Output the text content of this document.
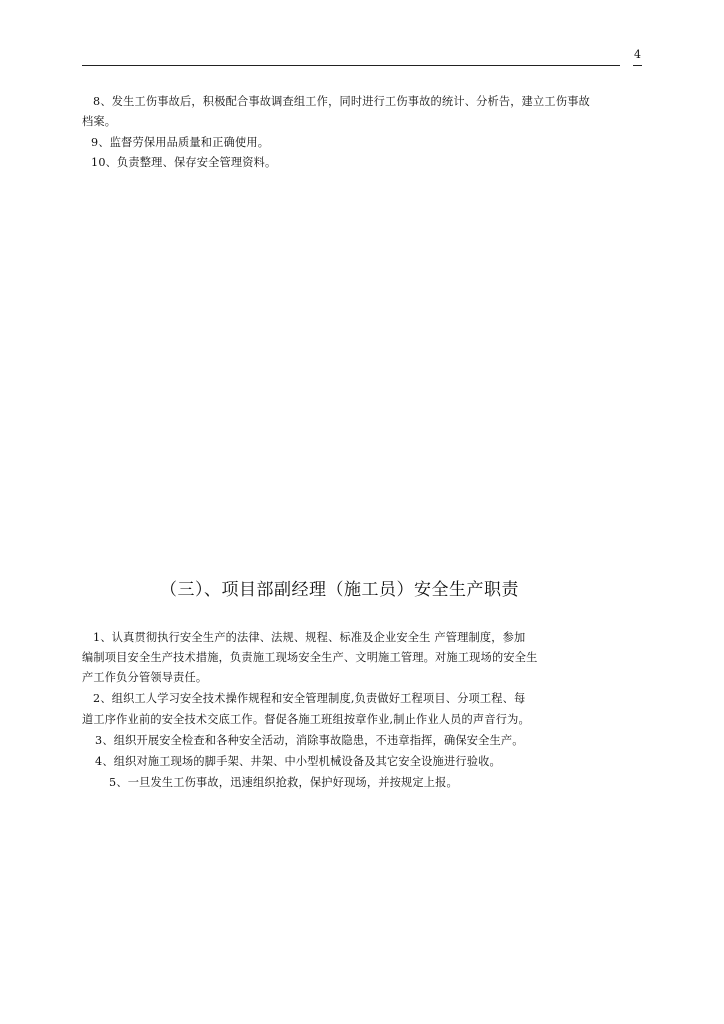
4
8、发生工伤事故后，积极配合事故调查组工作，同时进行工伤事故的统计、分析告，建立工伤事故
档案。
9、监督劳保用品质量和正确使用。
10、负责整理、保存安全管理资料。
（三）、项目部副经理（施工员）安全生产职责
1、认真贯彻执行安全生产的法律、法规、规程、标准及企业安全生 产管理制度，参加
编制项目安全生产技术措施，负责施工现场安全生产、文明施工管理。对施工现场的安全生
产工作负分管领导责任。
2、组织工人学习安全技术操作规程和安全管理制度,负责做好工程项目、分项工程、每
道工序作业前的安全技术交底工作。督促各施工班组按章作业,制止作业人员的声音行为。
3、组织开展安全检查和各种安全活动，消除事故隐患，不违章指挥，确保安全生产。
4、组织对施工现场的脚手架、井架、中小型机械设备及其它安全设施进行验收。
5、一旦发生工伤事故，迅速组织抢救，保护好现场，并按规定上报。
